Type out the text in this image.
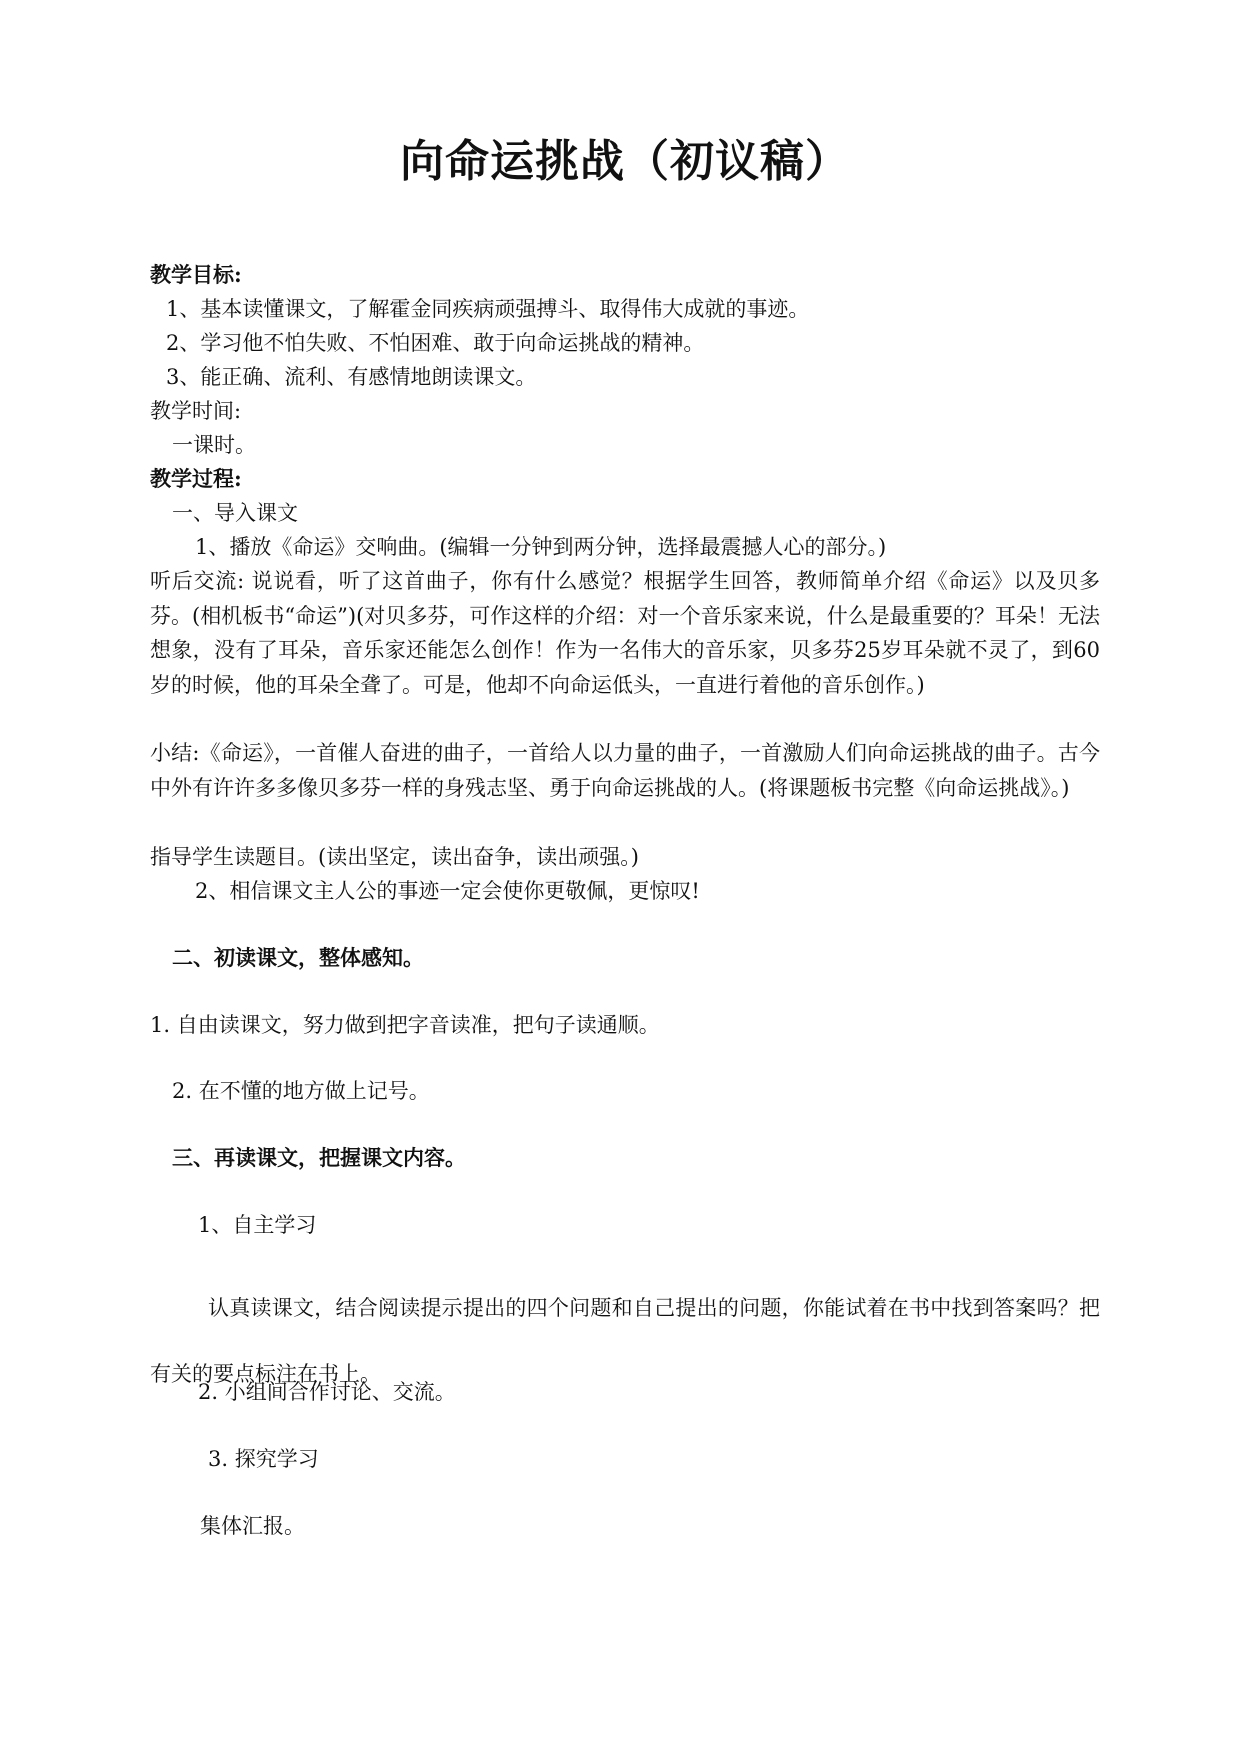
向命运挑战（初议稿）
教学目标:
1、基本读懂课文，了解霍金同疾病顽强搏斗、取得伟大成就的事迹。
2、学习他不怕失败、不怕困难、敢于向命运挑战的精神。
3、能正确、流利、有感情地朗读课文。
教学时间:
一课时。
教学过程:
一、导入课文
1、播放《命运》交响曲。(编辑一分钟到两分钟，选择最震撼人心的部分。)
听后交流: 说说看，听了这首曲子，你有什么感觉？根据学生回答，教师简单介绍《命运》以及贝多芬。(相机板书“命运”)(对贝多芬，可作这样的介绍：对一个音乐家来说，什么是最重要的？耳朵！无法想象，没有了耳朵，音乐家还能怎么创作！作为一名伟大的音乐家，贝多芬25岁耳朵就不灵了，到60岁的时候，他的耳朵全聋了。可是，他却不向命运低头，一直进行着他的音乐创作。)
小结:《命运》，一首催人奋进的曲子，一首给人以力量的曲子，一首激励人们向命运挑战的曲子。古今中外有许许多多像贝多芬一样的身残志坚、勇于向命运挑战的人。(将课题板书完整《向命运挑战》。)
指导学生读题目。(读出坚定，读出奋争，读出顽强。)
2、相信课文主人公的事迹一定会使你更敬佩，更惊叹!
二、初读课文，整体感知。
1. 自由读课文，努力做到把字音读准，把句子读通顺。
2. 在不懂的地方做上记号。
三、再读课文，把握课文内容。
1、自主学习
认真读课文，结合阅读提示提出的四个问题和自己提出的问题，你能试着在书中找到答案吗？把有关的要点标注在书上。
2. 小组间合作讨论、交流。
3. 探究学习
集体汇报。
